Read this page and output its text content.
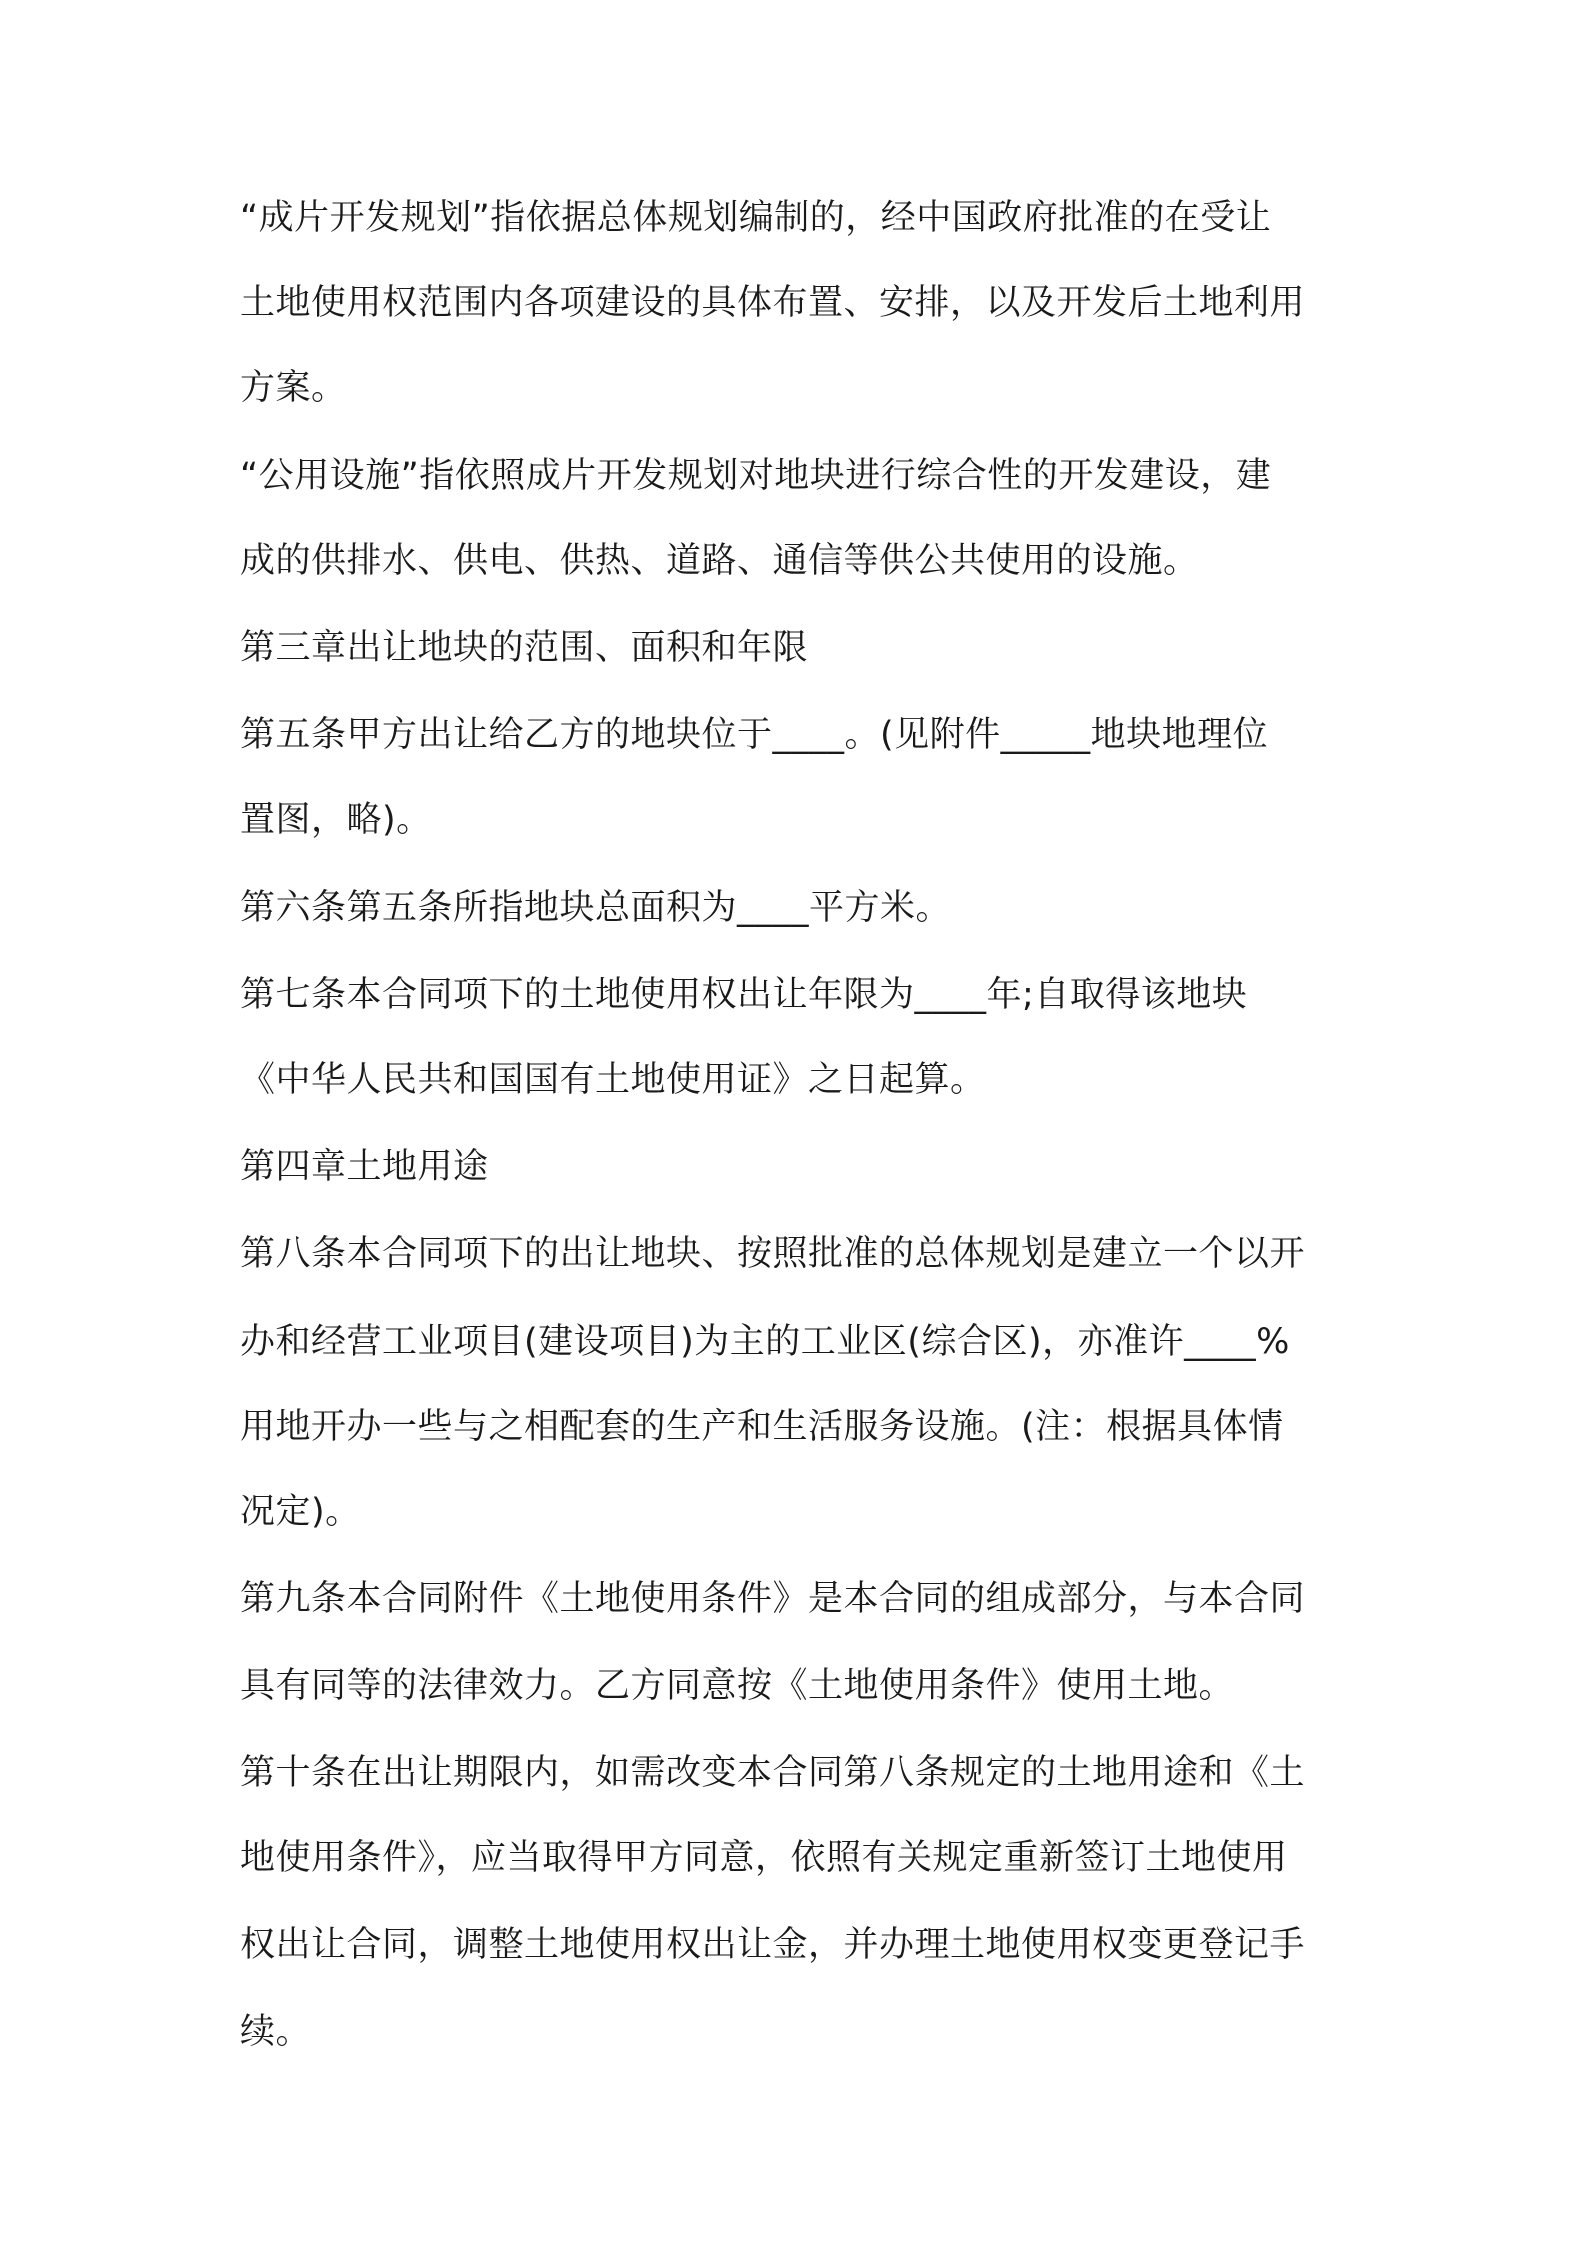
“成片开发规划”指依据总体规划编制的，经中国政府批准的在受让
土地使用权范围内各项建设的具体布置、安排，以及开发后土地利用
方案。
“公用设施”指依照成片开发规划对地块进行综合性的开发建设，建
成的供排水、供电、供热、道路、通信等供公共使用的设施。
第三章出让地块的范围、面积和年限
第五条甲方出让给乙方的地块位于____。(见附件_____地块地理位
置图，略)。
第六条第五条所指地块总面积为____平方米。
第七条本合同项下的土地使用权出让年限为____年;自取得该地块
《中华人民共和国国有土地使用证》之日起算。
第四章土地用途
第八条本合同项下的出让地块、按照批准的总体规划是建立一个以开
办和经营工业项目(建设项目)为主的工业区(综合区)，亦准许____%
用地开办一些与之相配套的生产和生活服务设施。(注：根据具体情
况定)。
第九条本合同附件《土地使用条件》是本合同的组成部分，与本合同
具有同等的法律效力。乙方同意按《土地使用条件》使用土地。
第十条在出让期限内，如需改变本合同第八条规定的土地用途和《土
地使用条件》，应当取得甲方同意，依照有关规定重新签订土地使用
权出让合同，调整土地使用权出让金，并办理土地使用权变更登记手
续。
